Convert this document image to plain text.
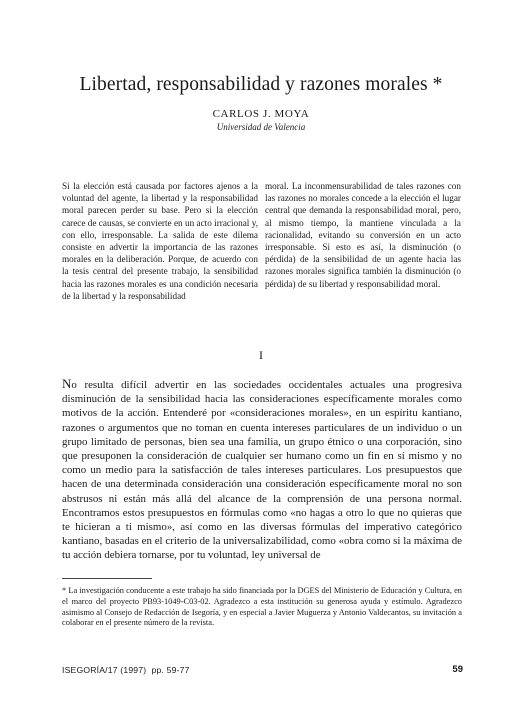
Libertad, responsabilidad y razones morales *
CARLOS J. MOYA
Universidad de Valencia
Si la elección está causada por factores ajenos a la voluntad del agente, la libertad y la responsabilidad moral parecen perder su base. Pero si la elección carece de causas, se convierte en un acto irracional y, con ello, irresponsable. La salida de este dilema consiste en advertir la importancia de las razones morales en la deliberación. Porque, de acuerdo con la tesis central del presente trabajo, la sensibilidad hacia las razones morales es una condición necesaria de la libertad y la responsabilidad
moral. La inconmensurabilidad de tales razones con las razones no morales concede a la elección el lugar central que demanda la responsabilidad moral, pero, al mismo tiempo, la mantiene vinculada a la racionalidad, evitando su conversión en un acto irresponsable. Si esto es así, la disminución (o pérdida) de la sensibilidad de un agente hacia las razones morales significa también la disminución (o pérdida) de su libertad y responsabilidad moral.
I
No resulta difícil advertir en las sociedades occidentales actuales una progresiva disminución de la sensibilidad hacia las consideraciones específicamente morales como motivos de la acción. Entenderé por «consideraciones morales», en un espíritu kantiano, razones o argumentos que no toman en cuenta intereses particulares de un individuo o un grupo limitado de personas, bien sea una familia, un grupo étnico o una corporación, sino que presuponen la consideración de cualquier ser humano como un fin en sí mismo y no como un medio para la satisfacción de tales intereses particulares. Los presupuestos que hacen de una determinada consideración una consideración específicamente moral no son abstrusos ni están más allá del alcance de la comprensión de una persona normal. Encontramos estos presupuestos en fórmulas como «no hagas a otro lo que no quieras que te hicieran a ti mismo», así como en las diversas fórmulas del imperativo categórico kantiano, basadas en el criterio de la universalizabilidad, como «obra como si la máxima de tu acción debiera tornarse, por tu voluntad, ley universal de
* La investigación conducente a este trabajo ha sido financiada por la DGES del Ministerio de Educación y Cultura, en el marco del proyecto PB93-1049-C03-02. Agradezco a esta institución su generosa ayuda y estímulo. Agradezco asimismo al Consejo de Redacción de Isegoría, y en especial a Javier Muguerza y Antonio Valdecantos, su invitación a colaborar en el presente número de la revista.
ISEGORÍA/17 (1997) pp. 59-77	59
